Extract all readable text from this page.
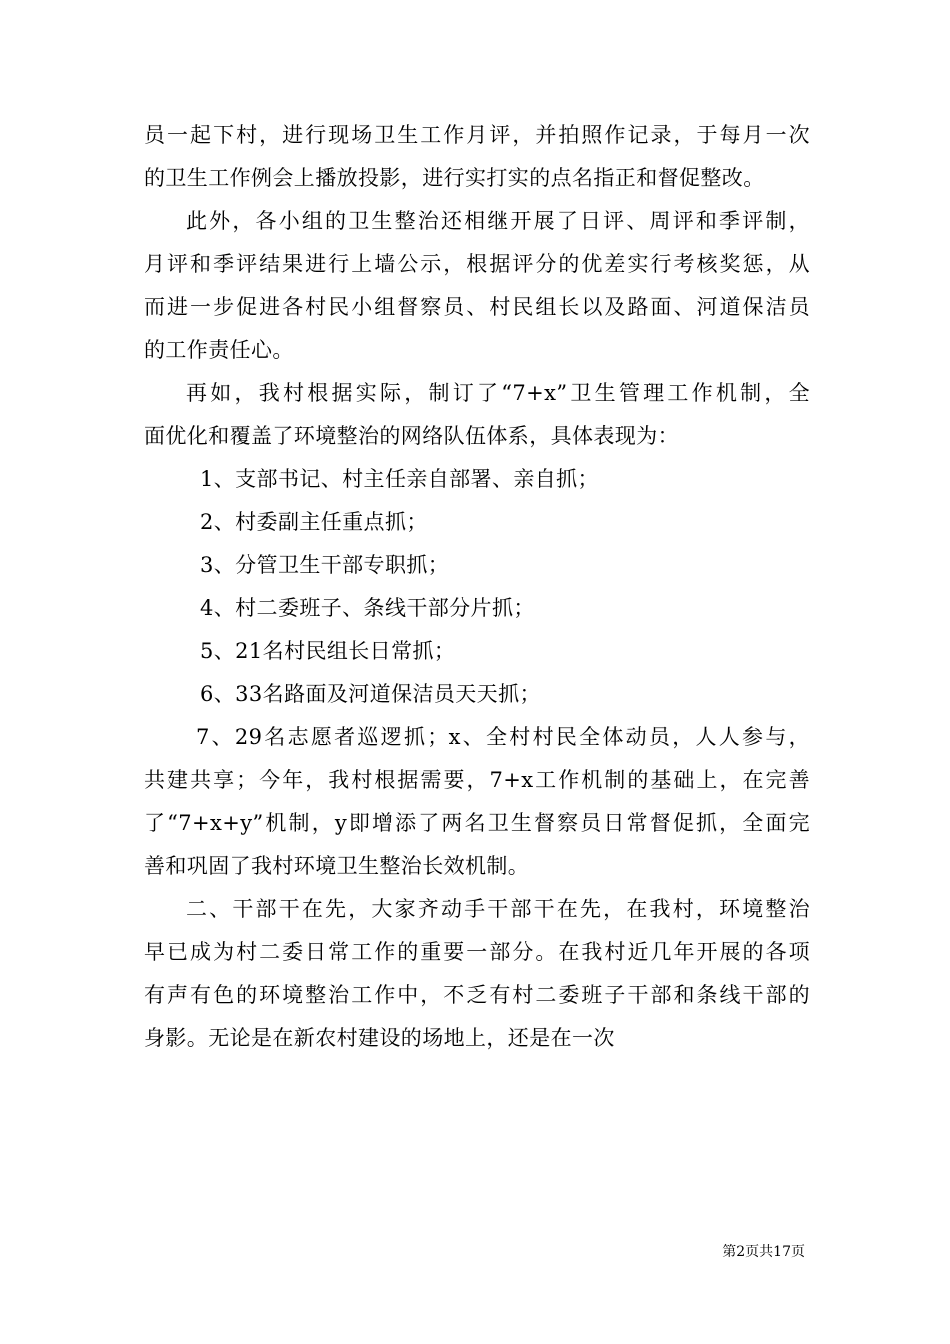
员一起下村，进行现场卫生工作月评，并拍照作记录，于每月一次
的卫生工作例会上播放投影，进行实打实的点名指正和督促整改。
此外，各小组的卫生整治还相继开展了日评、周评和季评制，
月评和季评结果进行上墙公示，根据评分的优差实行考核奖惩，从
而进一步促进各村民小组督察员、村民组长以及路面、河道保洁员
的工作责任心。
再如，我村根据实际，制订了“7+x”卫生管理工作机制，全
面优化和覆盖了环境整治的网络队伍体系，具体表现为：
1、支部书记、村主任亲自部署、亲自抓；
2、村委副主任重点抓；
3、分管卫生干部专职抓；
4、村二委班子、条线干部分片抓；
5、21名村民组长日常抓；
6、33名路面及河道保洁员天天抓；
7、29名志愿者巡逻抓；x、全村村民全体动员，人人参与，
共建共享；今年，我村根据需要，7+x工作机制的基础上，在完善
了“7+x+y”机制，y即增添了两名卫生督察员日常督促抓，全面完
善和巩固了我村环境卫生整治长效机制。
二、干部干在先，大家齐动手干部干在先，在我村，环境整治
早已成为村二委日常工作的重要一部分。在我村近几年开展的各项
有声有色的环境整治工作中，不乏有村二委班子干部和条线干部的
身影。无论是在新农村建设的场地上，还是在一次
第2页共17页
